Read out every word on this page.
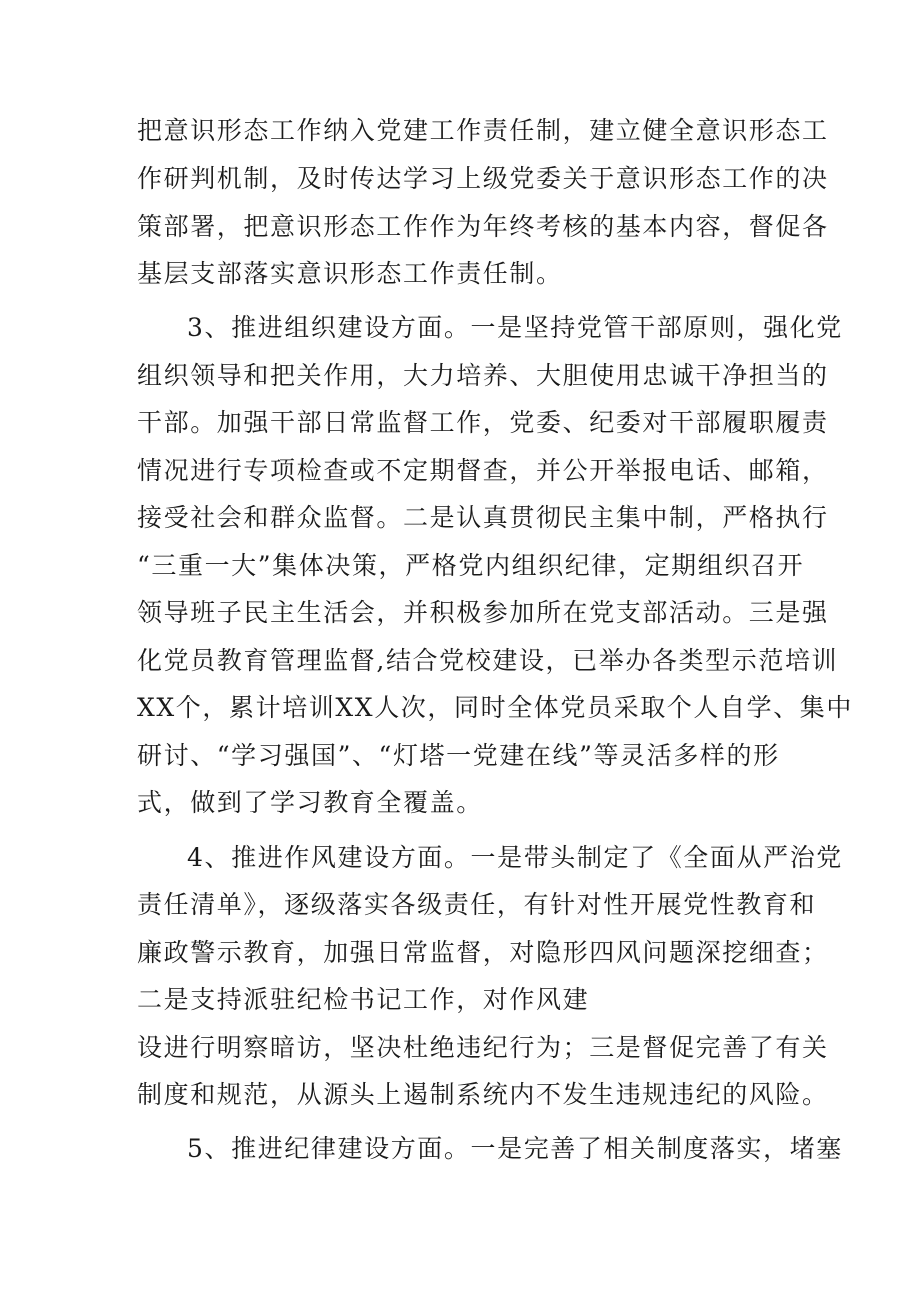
把意识形态工作纳入党建工作责任制，建立健全意识形态工
作研判机制，及时传达学习上级党委关于意识形态工作的决
策部署，把意识形态工作作为年终考核的基本内容，督促各
基层支部落实意识形态工作责任制。
3、推进组织建设方面。一是坚持党管干部原则，强化党
组织领导和把关作用，大力培养、大胆使用忠诚干净担当的
干部。加强干部日常监督工作，党委、纪委对干部履职履责
情况进行专项检查或不定期督查，并公开举报电话、邮箱，
接受社会和群众监督。二是认真贯彻民主集中制，严格执行
“三重一大”集体决策，严格党内组织纪律，定期组织召开
领导班子民主生活会，并积极参加所在党支部活动。三是强
化党员教育管理监督,结合党校建设，已举办各类型示范培训
XX个，累计培训XX人次，同时全体党员采取个人自学、集中
研讨、“学习强国”、“灯塔一党建在线”等灵活多样的形
式，做到了学习教育全覆盖。
4、推进作风建设方面。一是带头制定了《全面从严治党
责任清单》，逐级落实各级责任，有针对性开展党性教育和
廉政警示教育，加强日常监督，对隐形四风问题深挖细查；
二是支持派驻纪检书记工作，对作风建
设进行明察暗访，坚决杜绝违纪行为；三是督促完善了有关
制度和规范，从源头上遏制系统内不发生违规违纪的风险。
5、推进纪律建设方面。一是完善了相关制度落实，堵塞
